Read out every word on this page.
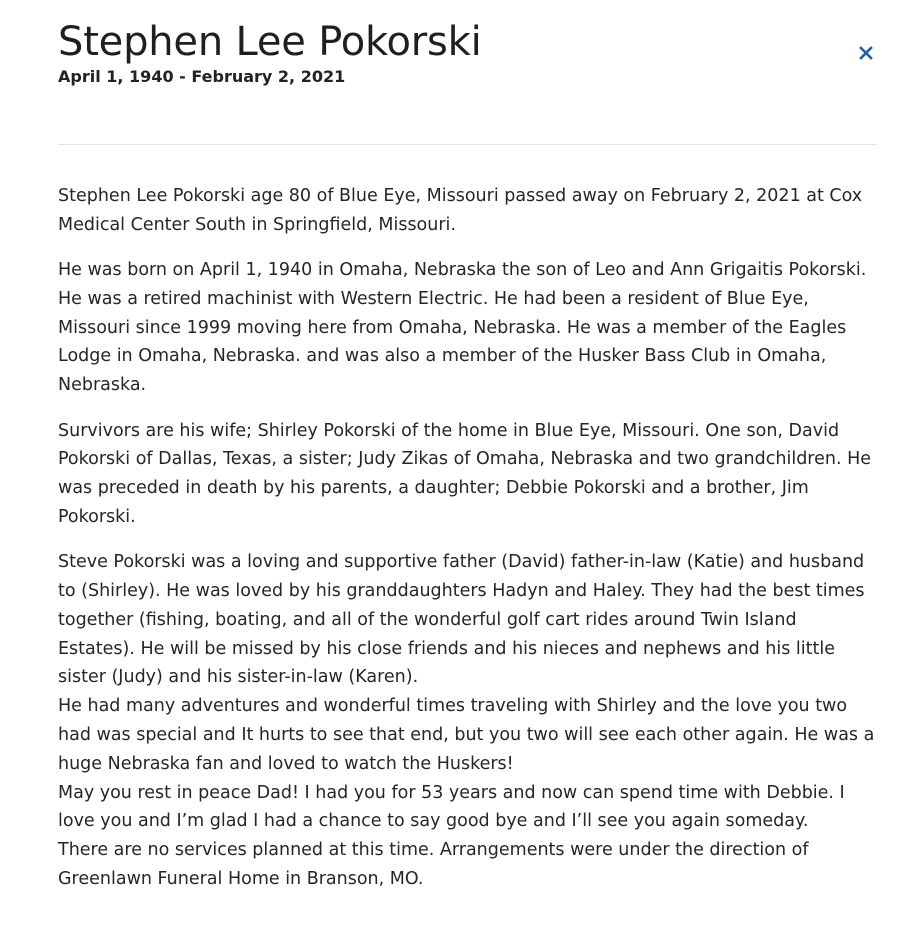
Stephen Lee Pokorski
April 1, 1940 - February 2, 2021

Stephen Lee Pokorski age 80 of Blue Eye, Missouri passed away on February 2, 2021 at Cox Medical Center South in Springfield, Missouri.

He was born on April 1, 1940 in Omaha, Nebraska the son of Leo and Ann Grigaitis Pokorski. He was a retired machinist with Western Electric. He had been a resident of Blue Eye, Missouri since 1999 moving here from Omaha, Nebraska. He was a member of the Eagles Lodge in Omaha, Nebraska. and was also a member of the Husker Bass Club in Omaha, Nebraska.

Survivors are his wife; Shirley Pokorski of the home in Blue Eye, Missouri. One son, David Pokorski of Dallas, Texas, a sister; Judy Zikas of Omaha, Nebraska and two grandchildren. He was preceded in death by his parents, a daughter; Debbie Pokorski and a brother, Jim Pokorski.

Steve Pokorski was a loving and supportive father (David) father-in-law (Katie) and husband to (Shirley). He was loved by his granddaughters Hadyn and Haley. They had the best times together (fishing, boating, and all of the wonderful golf cart rides around Twin Island Estates). He will be missed by his close friends and his nieces and nephews and his little sister (Judy) and his sister-in-law (Karen).

He had many adventures and wonderful times traveling with Shirley and the love you two had was special and It hurts to see that end, but you two will see each other again. He was a huge Nebraska fan and loved to watch the Huskers!

May you rest in peace Dad! I had you for 53 years and now can spend time with Debbie. I love you and I’m glad I had a chance to say good bye and I’ll see you again someday.

There are no services planned at this time. Arrangements were under the direction of Greenlawn Funeral Home in Branson, MO.
